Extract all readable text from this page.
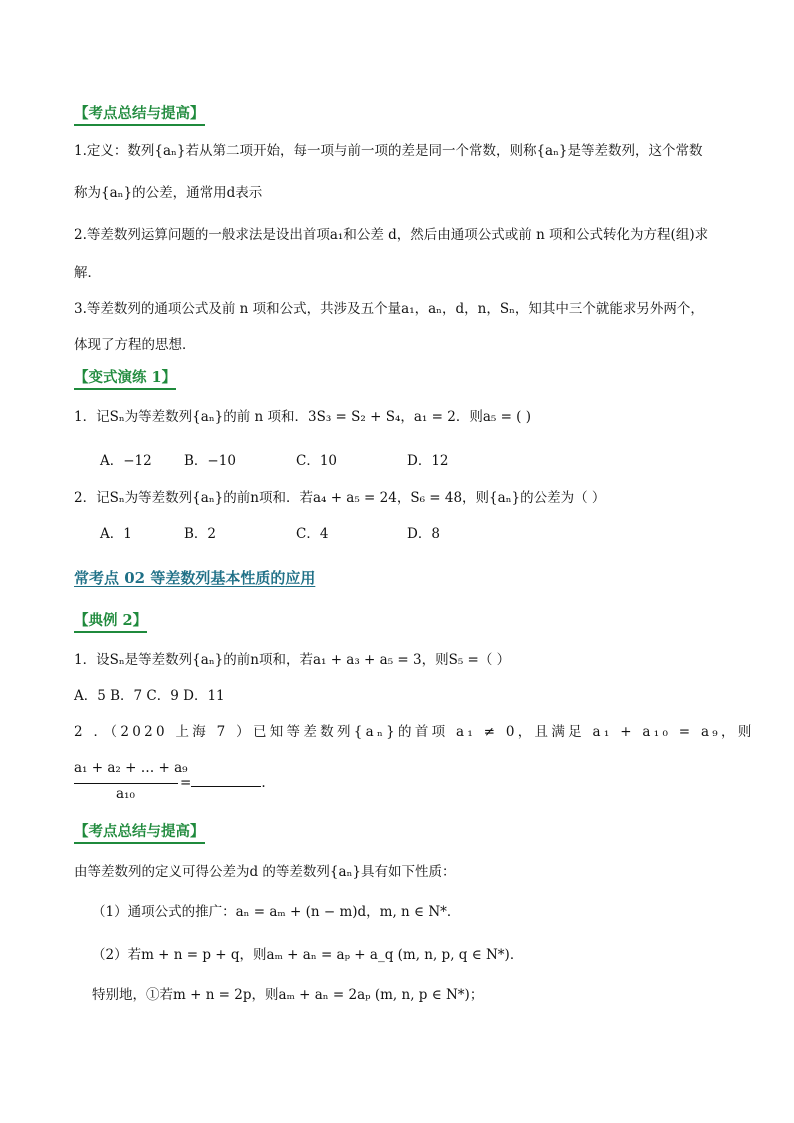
【考点总结与提高】
1.定义：数列{aₙ}若从第二项开始，每一项与前一项的差是同一个常数，则称{aₙ}是等差数列，这个常数
称为{aₙ}的公差，通常用d表示
2.等差数列运算问题的一般求法是设出首项a₁和公差 d，然后由通项公式或前 n 项和公式转化为方程(组)求
解．
3.等差数列的通项公式及前 n 项和公式，共涉及五个量a₁，aₙ，d，n，Sₙ，知其中三个就能求另外两个，
体现了方程的思想．
【变式演练 1】
1．记Sₙ为等差数列{aₙ}的前 n 项和．3S₃ = S₂ + S₄，a₁ = 2．则a₅ = ( )
A．−12 B．−10	C．10	D．12
2．记Sₙ为等差数列{aₙ}的前n项和．若a₄ + a₅ = 24，S₆ = 48，则{aₙ}的公差为（ ）
A．1	B．2	C．4	D．8
常考点 02 等差数列基本性质的应用
【典例 2】
1．设Sₙ是等差数列{aₙ}的前n项和，若a₁ + a₃ + a₅ = 3，则S₅ =（ ）
A．5 B．7 C．9 D．11
2 ．（2020 上海 7 ）已知等差数列{aₙ}的首项 a₁ ≠ 0，且满足 a₁ + a₁₀ = a₉，则
a₁ + a₂ + … + a₉
a₁₀
=	.
【考点总结与提高】
由等差数列的定义可得公差为d 的等差数列{aₙ}具有如下性质：
（1）通项公式的推广：aₙ = aₘ + (n − m)d，m, n ∈ N*．
（2）若m + n = p + q，则aₘ + aₙ = aₚ + a_q (m, n, p, q ∈ N*)．
特别地，①若m + n = 2p，则aₘ + aₙ = 2aₚ (m, n, p ∈ N*)；
